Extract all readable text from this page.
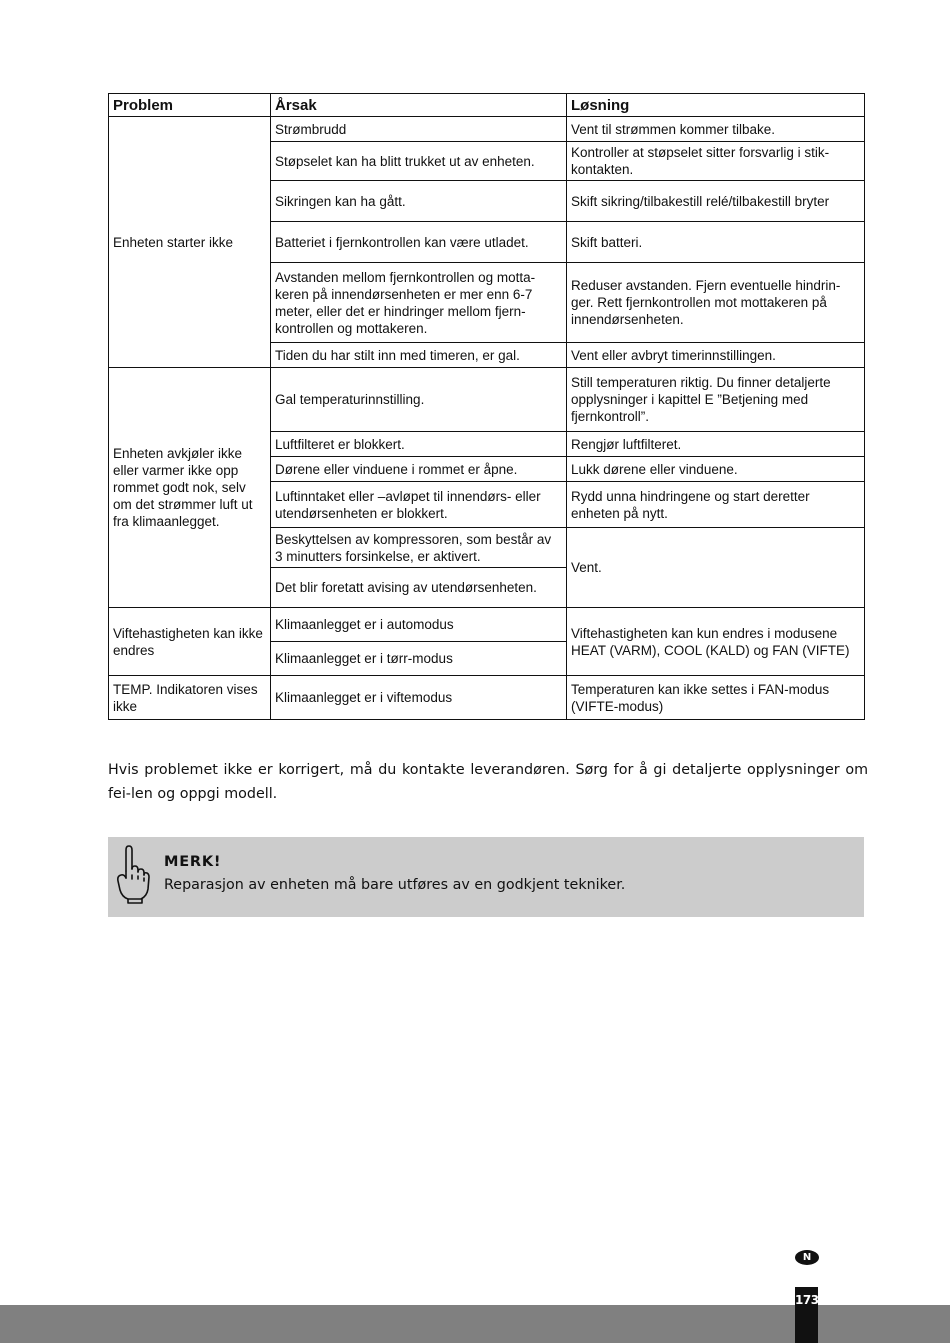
Problem	Årsak	Løsning
Enheten starter ikke	Strømbrudd	Vent til strømmen kommer tilbake.
	Støpselet kan ha blitt trukket ut av enheten.	Kontroller at støpselet sitter forsvarlig i stik-kontakten.
	Sikringen kan ha gått.	Skift sikring/tilbakestill relé/tilbakestill bryter
	Batteriet i fjernkontrollen kan være utladet.	Skift batteri.
	Avstanden mellom fjernkontrollen og motta-keren på innendørsenheten er mer enn 6-7 meter, eller det er hindringer mellom fjern-kontrollen og mottakeren.	Reduser avstanden. Fjern eventuelle hindrin-ger. Rett fjernkontrollen mot mottakeren på innendørsenheten.
	Tiden du har stilt inn med timeren, er gal.	Vent eller avbryt timerinnstillingen.
Enheten avkjøler ikke eller varmer ikke opp rommet godt nok, selv om det strømmer luft ut fra klimaanlegget.	Gal temperaturinnstilling.	Still temperaturen riktig. Du finner detaljerte opplysninger i kapittel E ”Betjening med fjernkontroll”.
	Luftfilteret er blokkert.	Rengjør luftfilteret.
	Dørene eller vinduene i rommet er åpne.	Lukk dørene eller vinduene.
	Luftinntaket eller –avløpet til innendørs- eller utendørsenheten er blokkert.	Rydd unna hindringene og start deretter enheten på nytt.
	Beskyttelsen av kompressoren, som består av 3 minutters forsinkelse, er aktivert.	Vent.
	Det blir foretatt avising av utendørsenheten.	
Viftehastigheten kan ikke endres	Klimaanlegget er i automodus	Viftehastigheten kan kun endres i modusene HEAT (VARM), COOL (KALD) og FAN (VIFTE)
	Klimaanlegget er i tørr-modus	
TEMP. Indikatoren vises ikke	Klimaanlegget er i viftemodus	Temperaturen kan ikke settes i FAN-modus (VIFTE-modus)

Hvis problemet ikke er korrigert, må du kontakte leverandøren. Sørg for å gi detaljerte opplysninger om fei-len og oppgi modell.

MERK!
Reparasjon av enheten må bare utføres av en godkjent tekniker.
N
173
